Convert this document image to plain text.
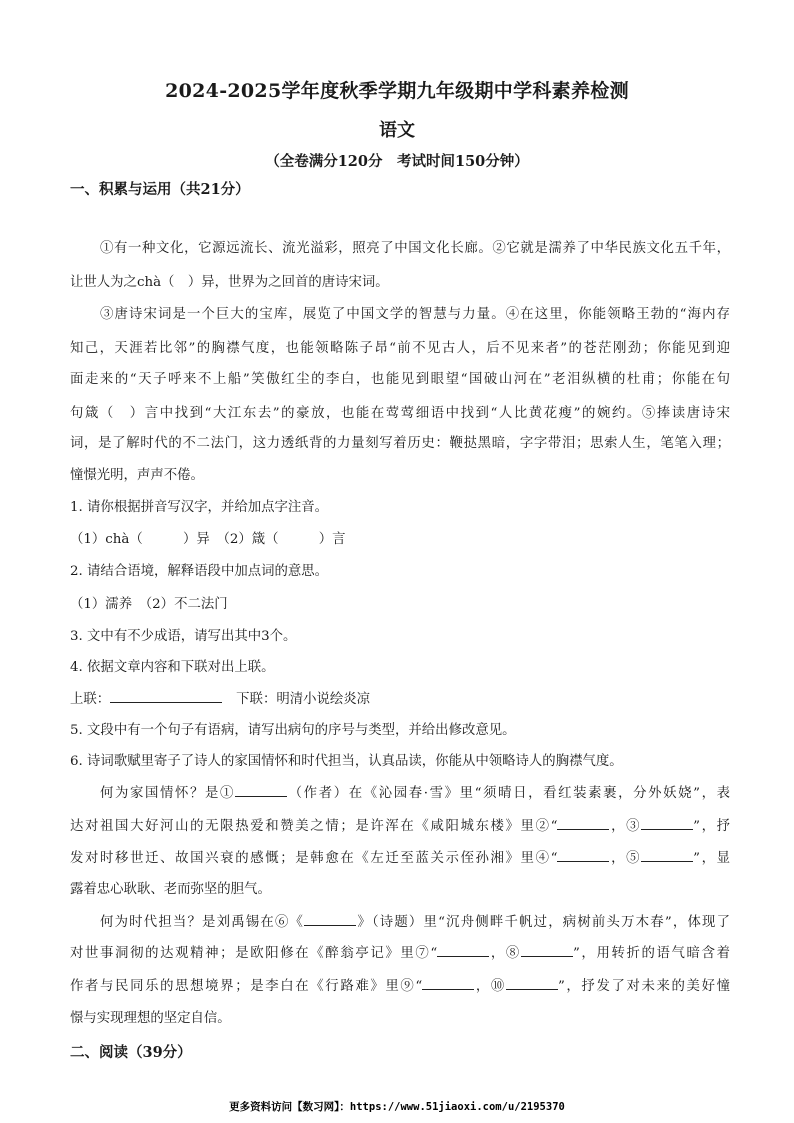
2024-2025学年度秋季学期九年级期中学科素养检测
语文
（全卷满分120分　考试时间150分钟）

一、积累与运用（共21分）

①有一种文化，它源远流长、流光溢彩，照亮了中国文化长廊。②它就是濡养了中华民族文化五千年，

让世人为之chà（　）异，世界为之回首的唐诗宋词。

③唐诗宋词是一个巨大的宝库，展览了中国文学的智慧与力量。④在这里，你能领略王勃的“海内存

知己，天涯若比邻”的胸襟气度，也能领略陈子昂“前不见古人，后不见来者”的苍茫刚劲；你能见到迎

面走来的“天子呼来不上船”笑傲红尘的李白，也能见到眼望“国破山河在”老泪纵横的杜甫；你能在句

句箴（　）言中找到“大江东去”的豪放，也能在莺莺细语中找到“人比黄花瘦”的婉约。⑤捧读唐诗宋

词，是了解时代的不二法门，这力透纸背的力量刻写着历史：鞭挞黑暗，字字带泪；思索人生，笔笔入理；

憧憬光明，声声不倦。

1. 请你根据拼音写汉字，并给加点字注音。

（1）chà（　　　）异　（2）箴（　　　）言

2. 请结合语境，解释语段中加点词的意思。

（1）濡养　（2）不二法门

3. 文中有不少成语，请写出其中3个。

4. 依据文章内容和下联对出上联。

上联：	下联：明清小说绘炎凉

5. 文段中有一个句子有语病，请写出病句的序号与类型，并给出修改意见。

6. 诗词歌赋里寄子了诗人的家国情怀和时代担当，认真品读，你能从中领略诗人的胸襟气度。

何为家国情怀？是①	（作者）在《沁园春·雪》里“须晴日，看红装素裹，分外妖娆”，表

达对祖国大好河山的无限热爱和赞美之情；是许浑在《咸阳城东楼》里②“	，③	”，抒

发对时移世迁、故国兴衰的感慨；是韩愈在《左迁至蓝关示侄孙湘》里④“	，⑤	”，显

露着忠心耿耿、老而弥坚的胆气。

何为时代担当？是刘禹锡在⑥《	》（诗题）里“沉舟侧畔千帆过，病树前头万木春”，体现了

对世事洞彻的达观精神；是欧阳修在《醉翁亭记》里⑦“	，⑧	”，用转折的语气暗含着

作者与民同乐的思想境界；是李白在《行路难》里⑨“	，⑩	”，抒发了对未来的美好憧

憬与实现理想的坚定自信。

二、阅读（39分）

更多资料访问【数习网】：https://www.51jiaoxi.com/u/2195370
